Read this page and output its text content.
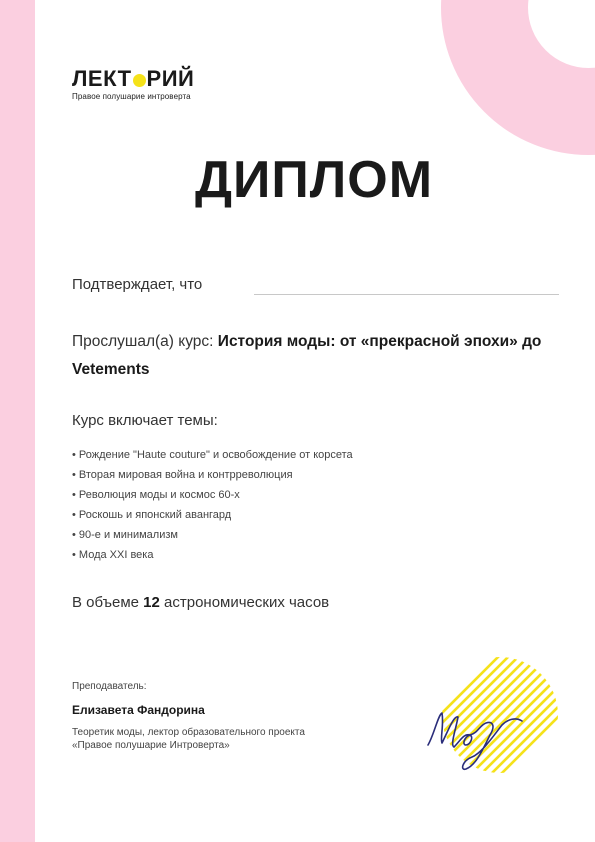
ЛЕКТ РИЙ
Правое полушарие интроверта
ДИПЛОМ
Подтверждает, что
Прослушал(а) курс: История моды: от «прекрасной эпохи» до Vetements
Курс включает темы:
• Рождение "Haute couture" и освобождение от корсета
• Вторая мировая война и контрреволюция
• Революция моды и космос 60-х
• Роскошь и японский авангард
• 90-е и минимализм
• Мода XXI века
В объеме 12 астрономических часов
Преподаватель:
Елизавета Фандорина
Теоретик моды, лектор образовательного проекта «Правое полушарие Интроверта»
